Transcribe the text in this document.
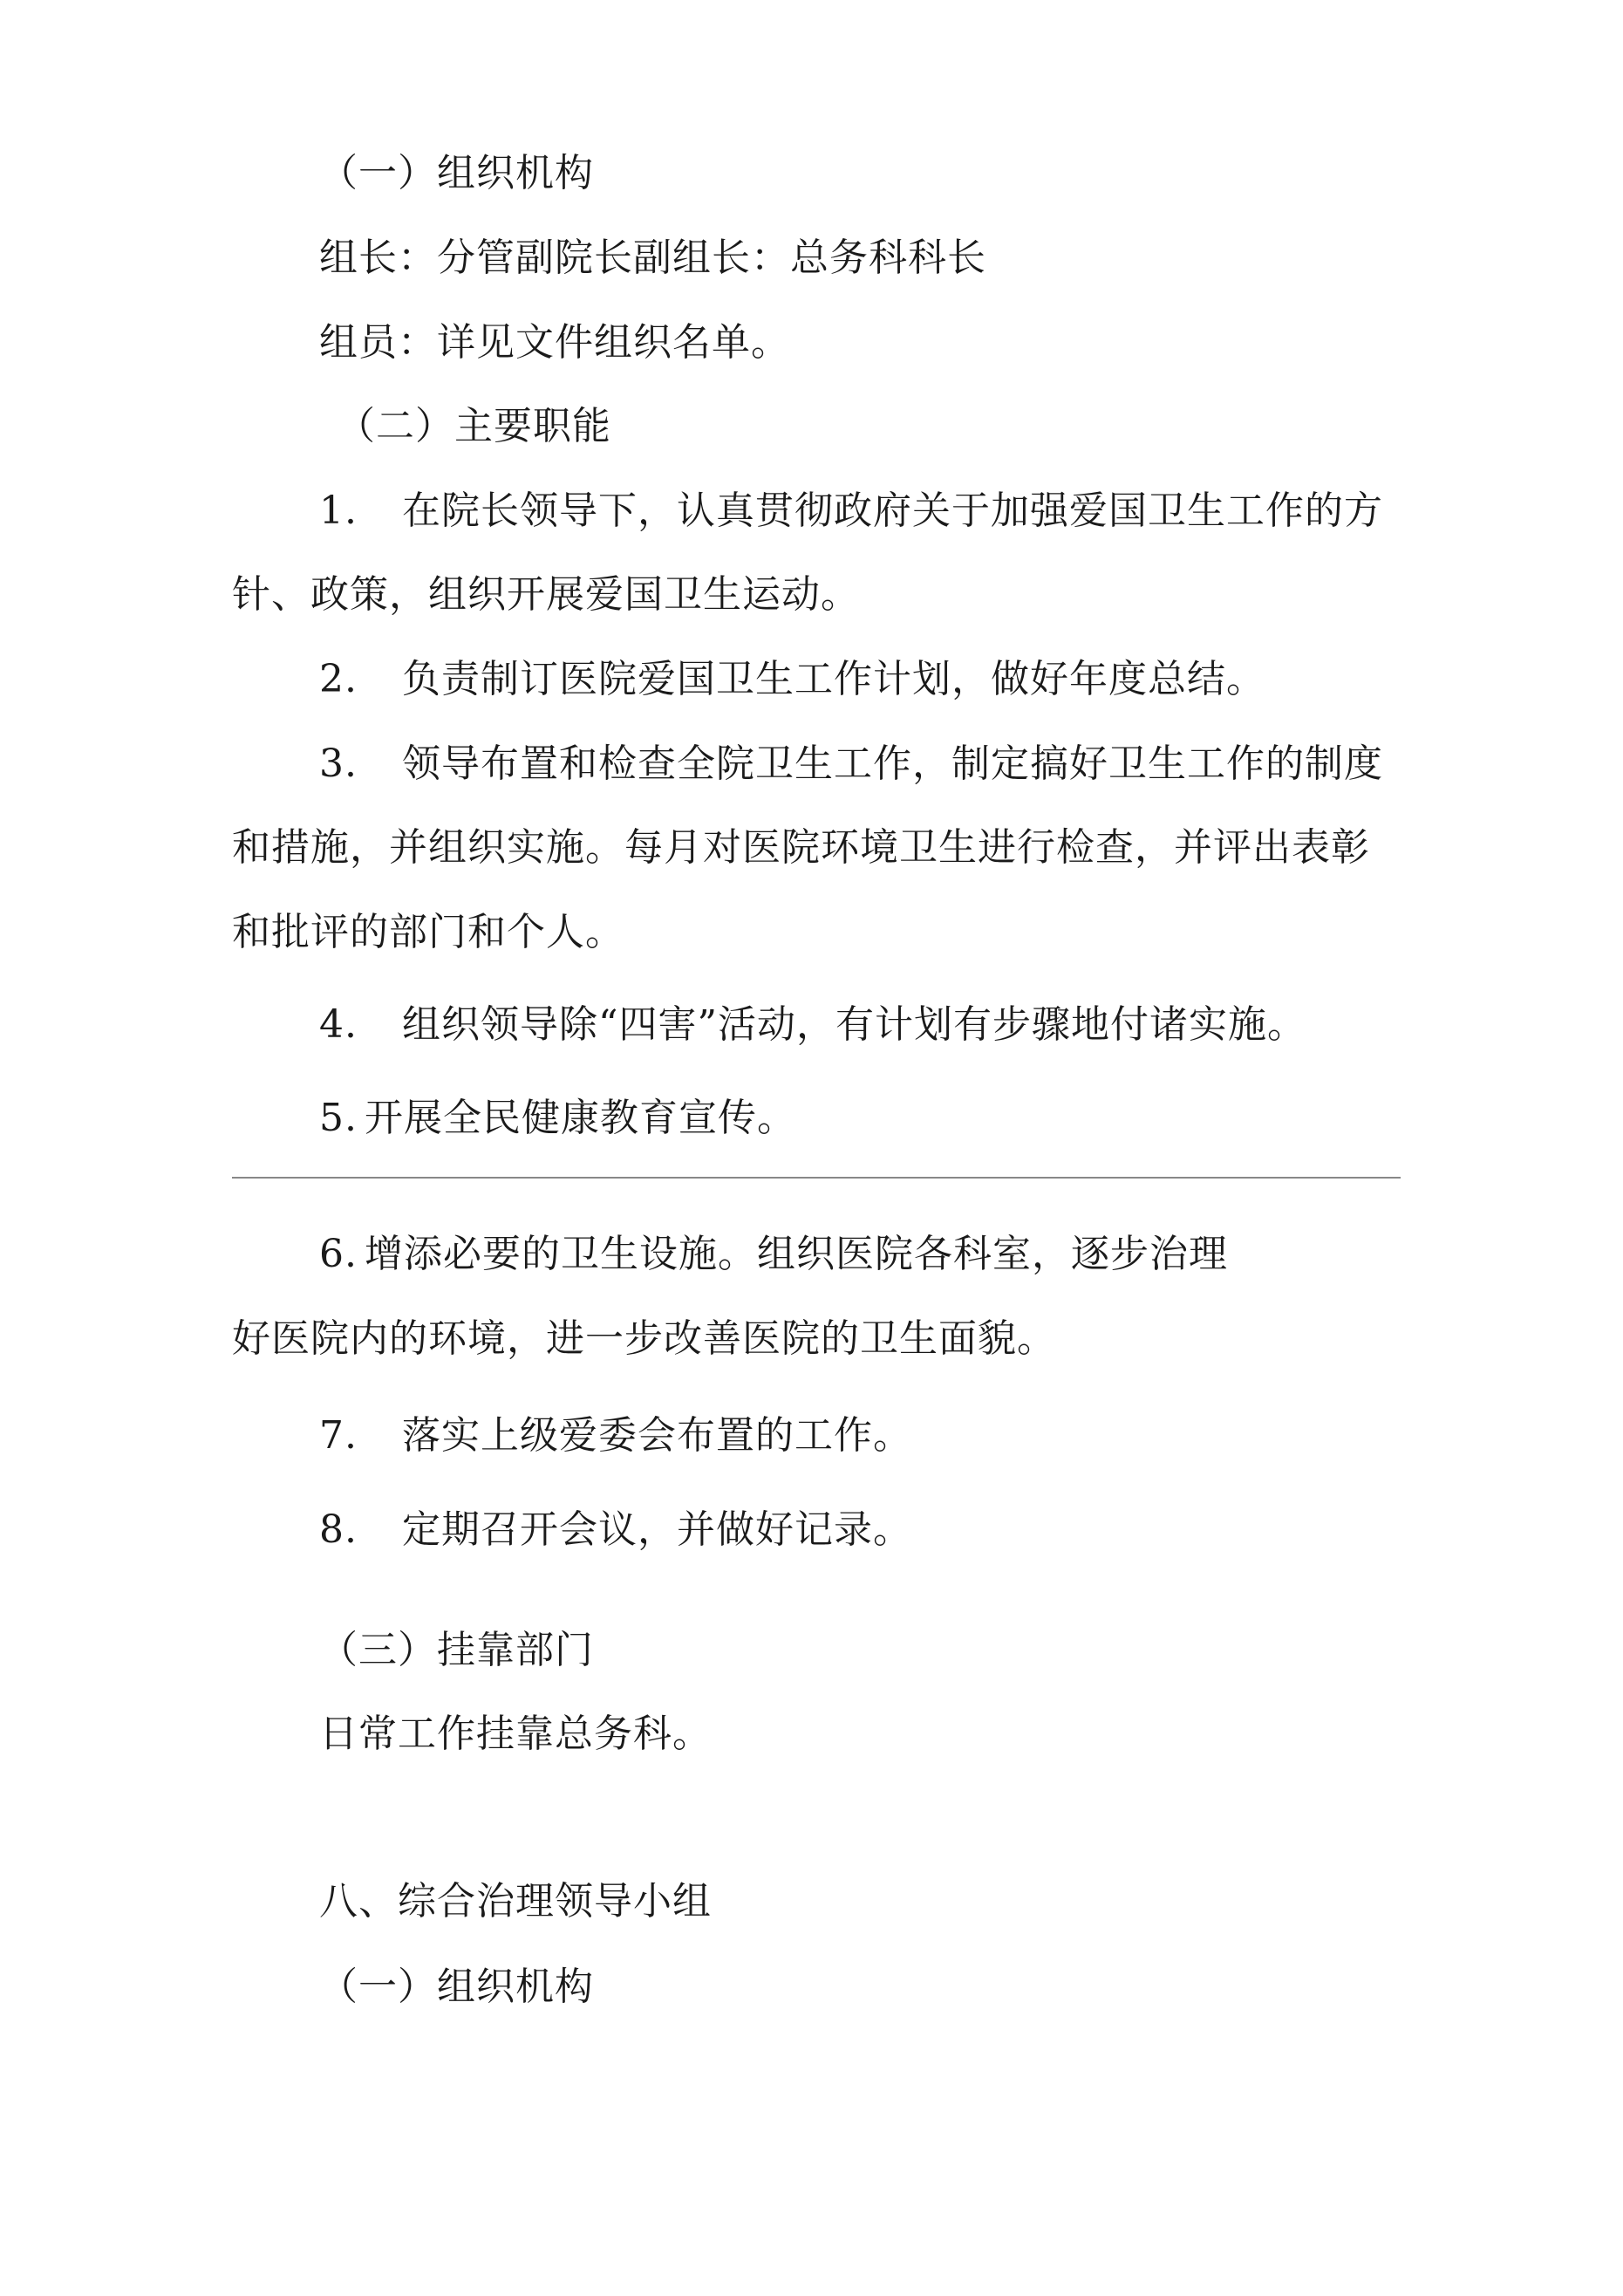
（一）组织机构
组长：分管副院长副组长：总务科科长
组员：详见文件组织名单。
（二）主要职能
1. 在院长领导下，认真贯彻政府关于加强爱国卫生工作的方
针、政策，组织开展爱国卫生运动。
2. 负责制订医院爱国卫生工作计划，做好年度总结。
3. 领导布置和检查全院卫生工作，制定搞好卫生工作的制度
和措施，并组织实施。每月对医院环境卫生进行检查，并评出表彰
和批评的部门和个人。
4. 组织领导除“四害”活动，有计划有步骤地付诸实施。
5. 开展全民健康教育宣传。
6. 增添必要的卫生设施。组织医院各科室，逐步治理
好医院内的环境，进一步改善医院的卫生面貌。
7. 落实上级爱委会布置的工作。
8. 定期召开会议，并做好记录。
（三）挂靠部门
日常工作挂靠总务科。
八、综合治理领导小组
（一）组织机构
